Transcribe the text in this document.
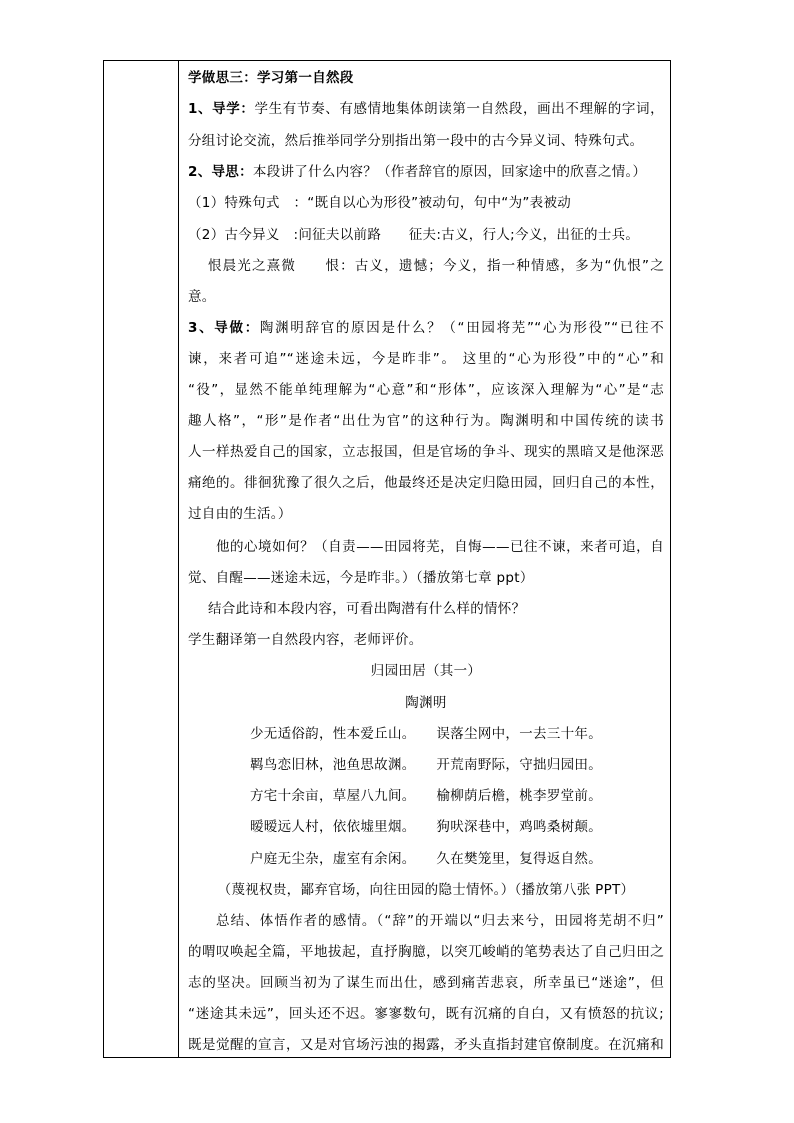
学做思三：学习第一自然段
1、导学：学生有节奏、有感情地集体朗读第一自然段，画出不理解的字词，
分组讨论交流，然后推举同学分别指出第一段中的古今异义词、特殊句式。
2、导思：本段讲了什么内容？（作者辞官的原因，回家途中的欣喜之情。）
（1）特殊句式　：“既自以心为形役”被动句，句中“为”表被动
（2）古今异义　:问征夫以前路　　征夫:古义，行人;今义，出征的士兵。
恨晨光之熹微　　恨：古义，遗憾；今义，指一种情感，多为“仇恨”之
意。
3、导做：陶渊明辞官的原因是什么？（“田园将芜”“心为形役”“已往不
谏，来者可追”“迷途未远，今是昨非”。 这里的“心为形役”中的“心”和
“役”，显然不能单纯理解为“心意”和“形体”，应该深入理解为“心”是“志
趣人格”，“形”是作者“出仕为官”的这种行为。陶渊明和中国传统的读书
人一样热爱自己的国家，立志报国，但是官场的争斗、现实的黑暗又是他深恶
痛绝的。徘徊犹豫了很久之后，他最终还是决定归隐田园，回归自己的本性，
过自由的生活。）
他的心境如何？（自责——田园将芜，自悔——已往不谏，来者可追，自
觉、自醒——迷途未远，今是昨非。）（播放第七章 ppt）
结合此诗和本段内容，可看出陶潜有什么样的情怀？
学生翻译第一自然段内容，老师评价。
归园田居（其一）
陶渊明
少无适俗韵，性本爱丘山。　　误落尘网中，一去三十年。
羁鸟恋旧林，池鱼思故渊。　　开荒南野际，守拙归园田。
方宅十余亩，草屋八九间。　　榆柳荫后檐，桃李罗堂前。
暧暧远人村，依依墟里烟。　　狗吠深巷中，鸡鸣桑树颠。
户庭无尘杂，虚室有余闲。　　久在樊笼里，复得返自然。
（蔑视权贵，鄙弃官场，向往田园的隐士情怀。）（播放第八张 PPT）
总结、体悟作者的感情。（“辞”的开端以“归去来兮，田园将芜胡不归”
的喟叹唤起全篇，平地拔起，直抒胸臆，以突兀峻峭的笔势表达了自己归田之
志的坚决。回顾当初为了谋生而出仕，感到痛苦悲哀，所幸虽已“迷途”，但
“迷途其未远”，回头还不迟。寥寥数句，既有沉痛的自白，又有愤怒的抗议;
既是觉醒的宣言，又是对官场污浊的揭露，矛头直指封建官僚制度。在沉痛和
